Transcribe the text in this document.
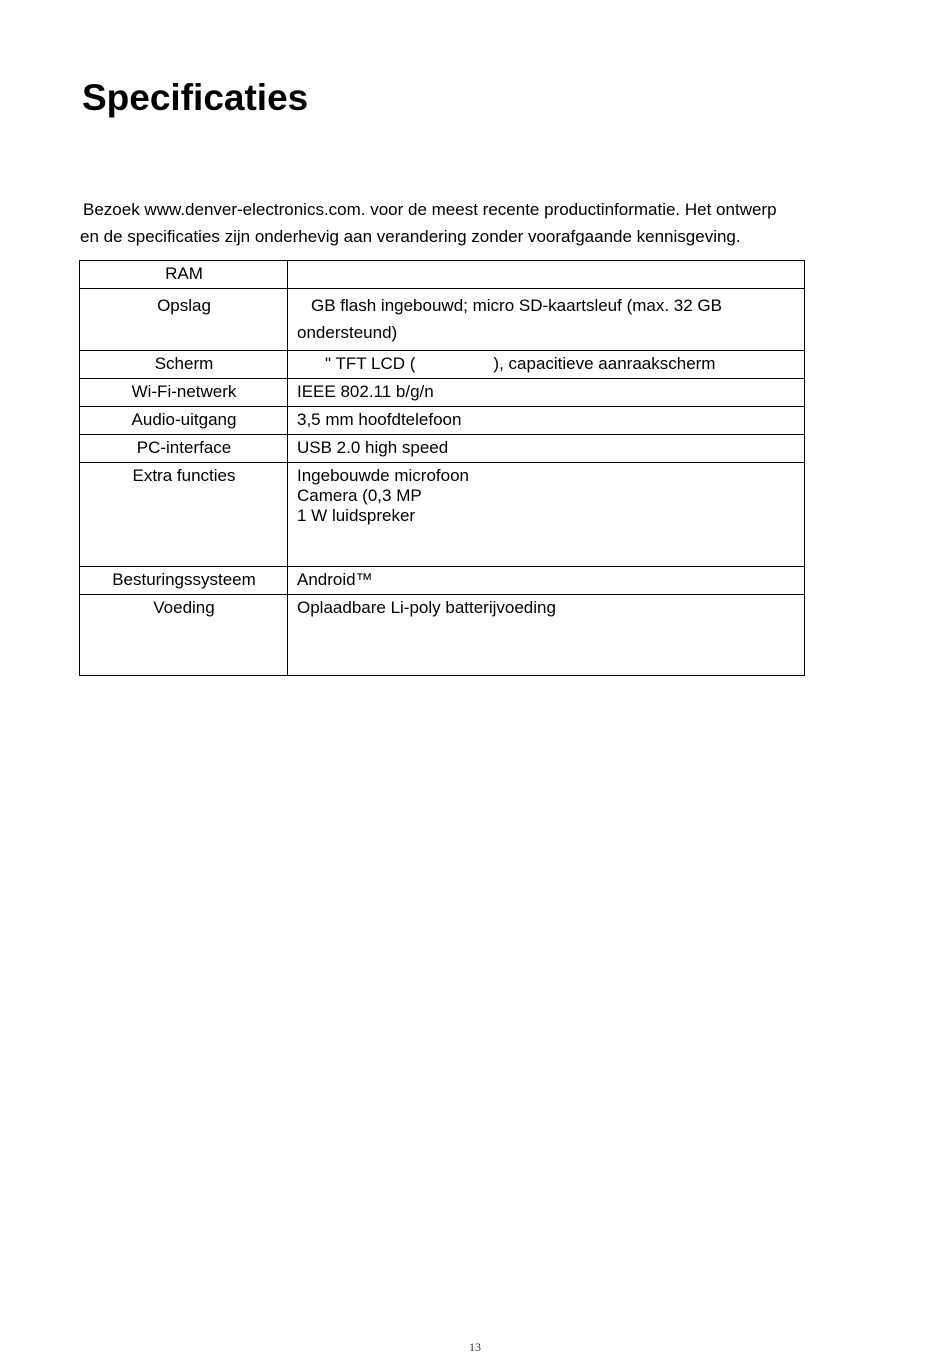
Specificaties

Bezoek www.denver-electronics.com. voor de meest recente productinformatie. Het ontwerp
en de specificaties zijn onderhevig aan verandering zonder voorafgaande kennisgeving.

RAM	
Opslag	GB flash ingebouwd; micro SD-kaartsleuf (max. 32 GB
ondersteund)

Scherm	" TFT LCD ( ), capacitieve aanraakscherm
Wi-Fi-netwerk	IEEE 802.11 b/g/n
Audio-uitgang	3,5 mm hoofdtelefoon
PC-interface	USB 2.0 high speed
Extra functies	Ingebouwde microfoon
Camera (0,3 MP
1 W luidspreker

Besturingssysteem	Android™
Voeding	Oplaadbare Li-poly batterijvoeding
13
